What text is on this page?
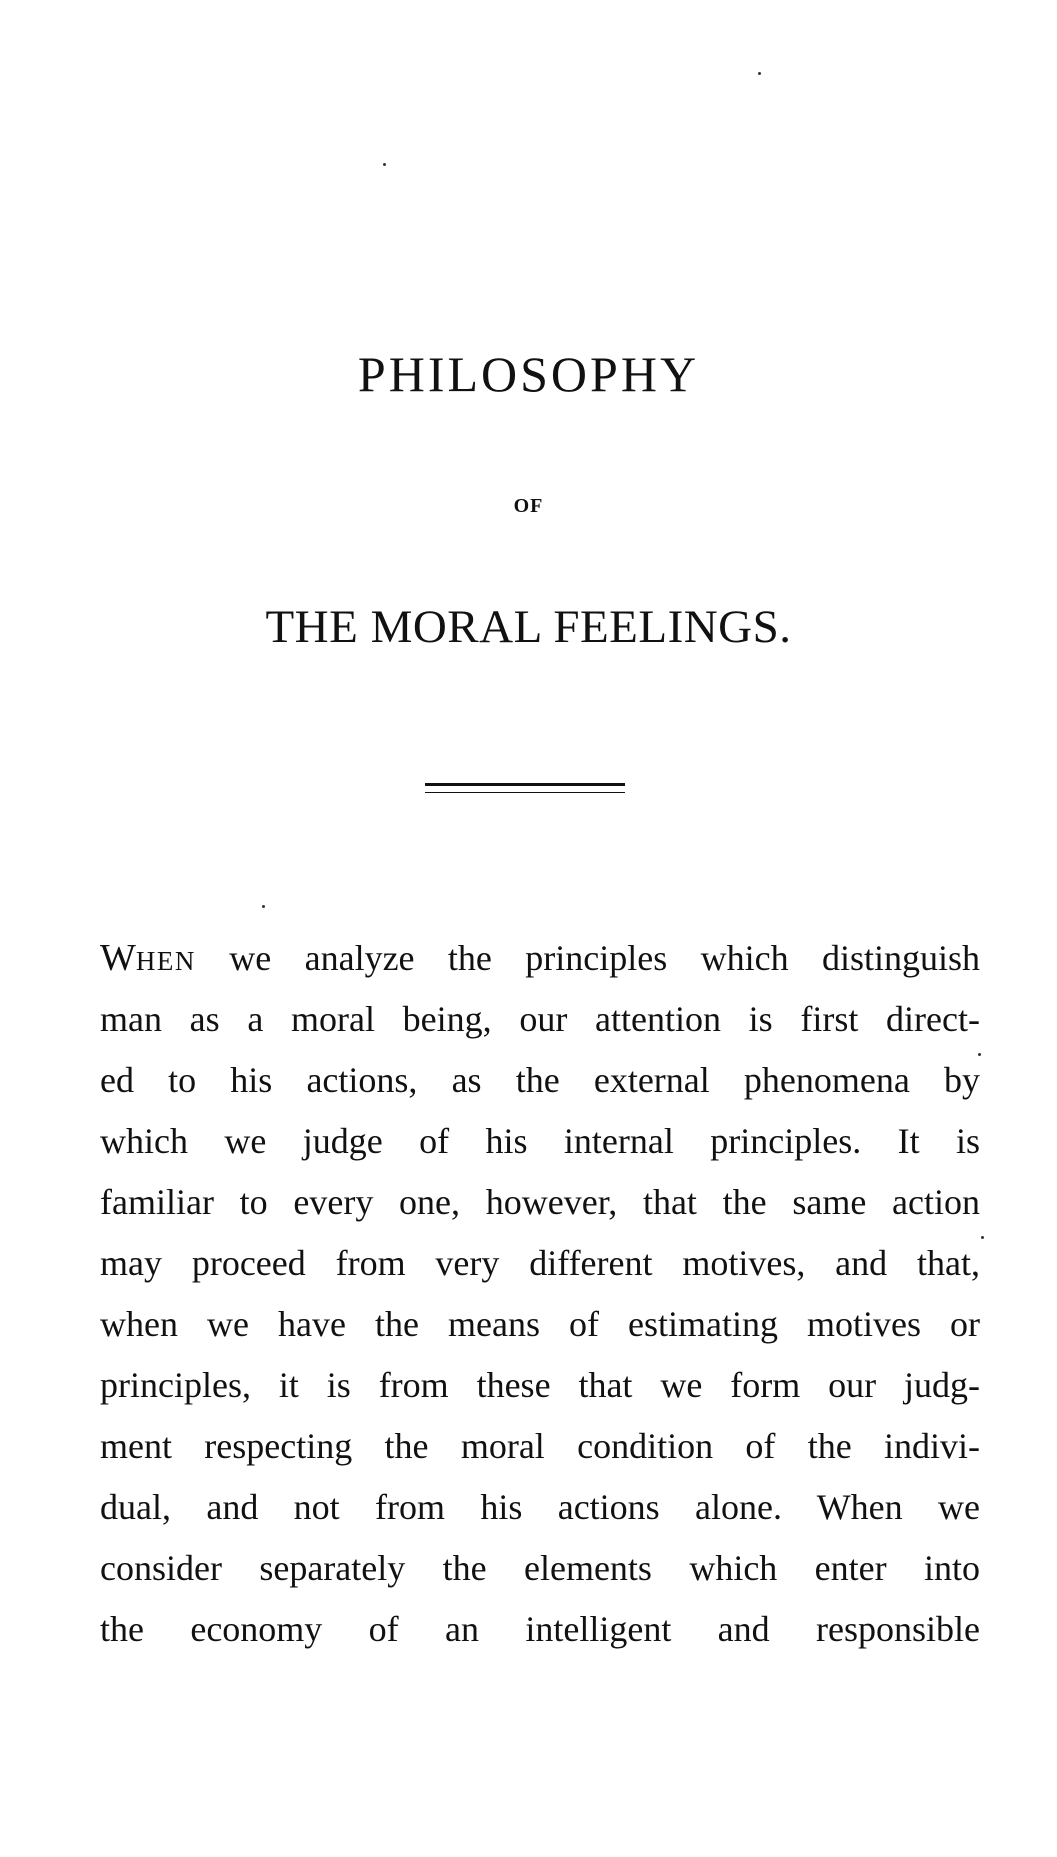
PHILOSOPHY
OF
THE MORAL FEELINGS.
WHEN we analyze the principles which distinguish
man as a moral being, our attention is first direct-
ed to his actions, as the external phenomena by
which we judge of his internal principles. It is
familiar to every one, however, that the same action
may proceed from very different motives, and that,
when we have the means of estimating motives or
principles, it is from these that we form our judg-
ment respecting the moral condition of the indivi-
dual, and not from his actions alone. When we
consider separately the elements which enter into
the economy of an intelligent and responsible
